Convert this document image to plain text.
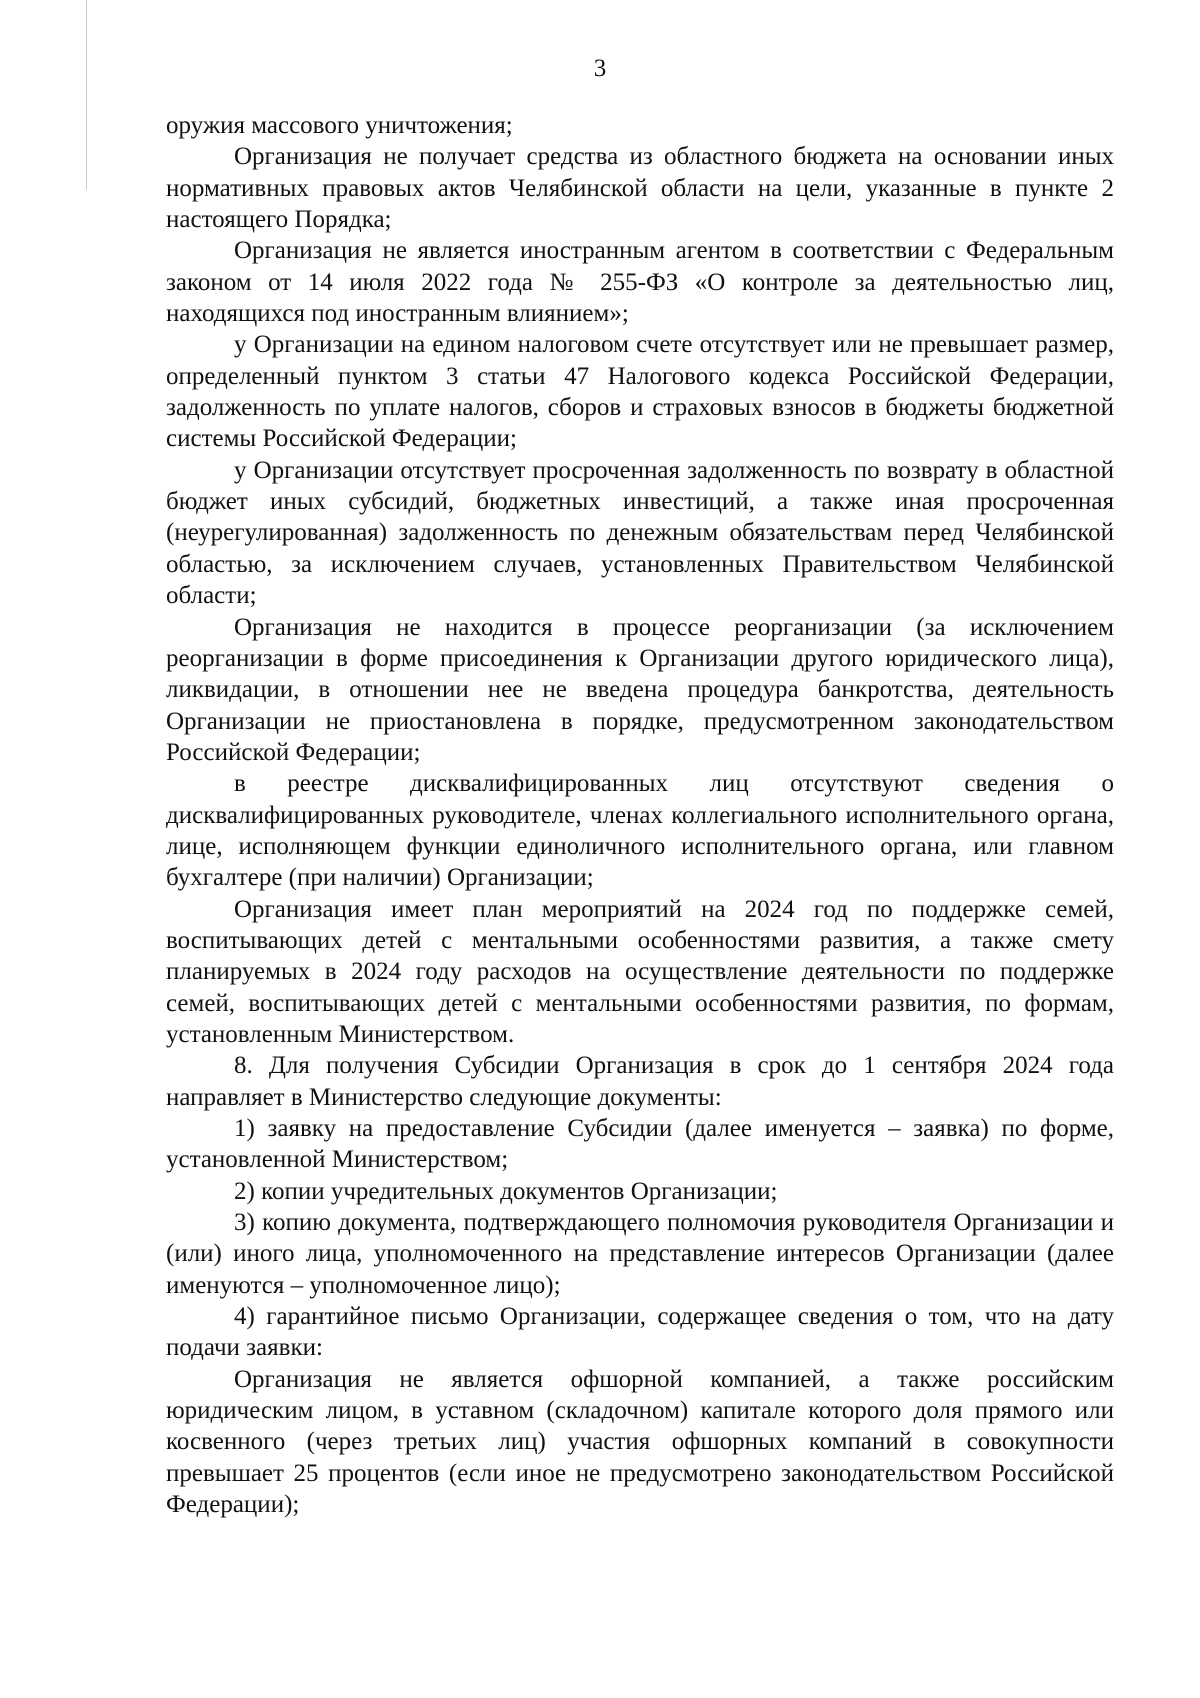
3

оружия массового уничтожения;

Организация не получает средства из областного бюджета на основании иных нормативных правовых актов Челябинской области на цели, указанные в пункте 2 настоящего Порядка;

Организация не является иностранным агентом в соответствии с Федеральным законом от 14 июля 2022 года № 255-ФЗ «О контроле за деятельностью лиц, находящихся под иностранным влиянием»;

у Организации на едином налоговом счете отсутствует или не превышает размер, определенный пунктом 3 статьи 47 Налогового кодекса Российской Федерации, задолженность по уплате налогов, сборов и страховых взносов в бюджеты бюджетной системы Российской Федерации;

у Организации отсутствует просроченная задолженность по возврату в областной бюджет иных субсидий, бюджетных инвестиций, а также иная просроченная (неурегулированная) задолженность по денежным обязательствам перед Челябинской областью, за исключением случаев, установленных Правительством Челябинской области;

Организация не находится в процессе реорганизации (за исключением реорганизации в форме присоединения к Организации другого юридического лица), ликвидации, в отношении нее не введена процедура банкротства, деятельность Организации не приостановлена в порядке, предусмотренном законодательством Российской Федерации;

в реестре дисквалифицированных лиц отсутствуют сведения о дисквалифицированных руководителе, членах коллегиального исполнительного органа, лице, исполняющем функции единоличного исполнительного органа, или главном бухгалтере (при наличии) Организации;

Организация имеет план мероприятий на 2024 год по поддержке семей, воспитывающих детей с ментальными особенностями развития, а также смету планируемых в 2024 году расходов на осуществление деятельности по поддержке семей, воспитывающих детей с ментальными особенностями развития, по формам, установленным Министерством.

8. Для получения Субсидии Организация в срок до 1 сентября 2024 года направляет в Министерство следующие документы:

1) заявку на предоставление Субсидии (далее именуется – заявка) по форме, установленной Министерством;

2) копии учредительных документов Организации;

3) копию документа, подтверждающего полномочия руководителя Организации и (или) иного лица, уполномоченного на представление интересов Организации (далее именуются – уполномоченное лицо);

4) гарантийное письмо Организации, содержащее сведения о том, что на дату подачи заявки:

Организация не является офшорной компанией, а также российским юридическим лицом, в уставном (складочном) капитале которого доля прямого или косвенного (через третьих лиц) участия офшорных компаний в совокупности превышает 25 процентов (если иное не предусмотрено законодательством Российской Федерации);
